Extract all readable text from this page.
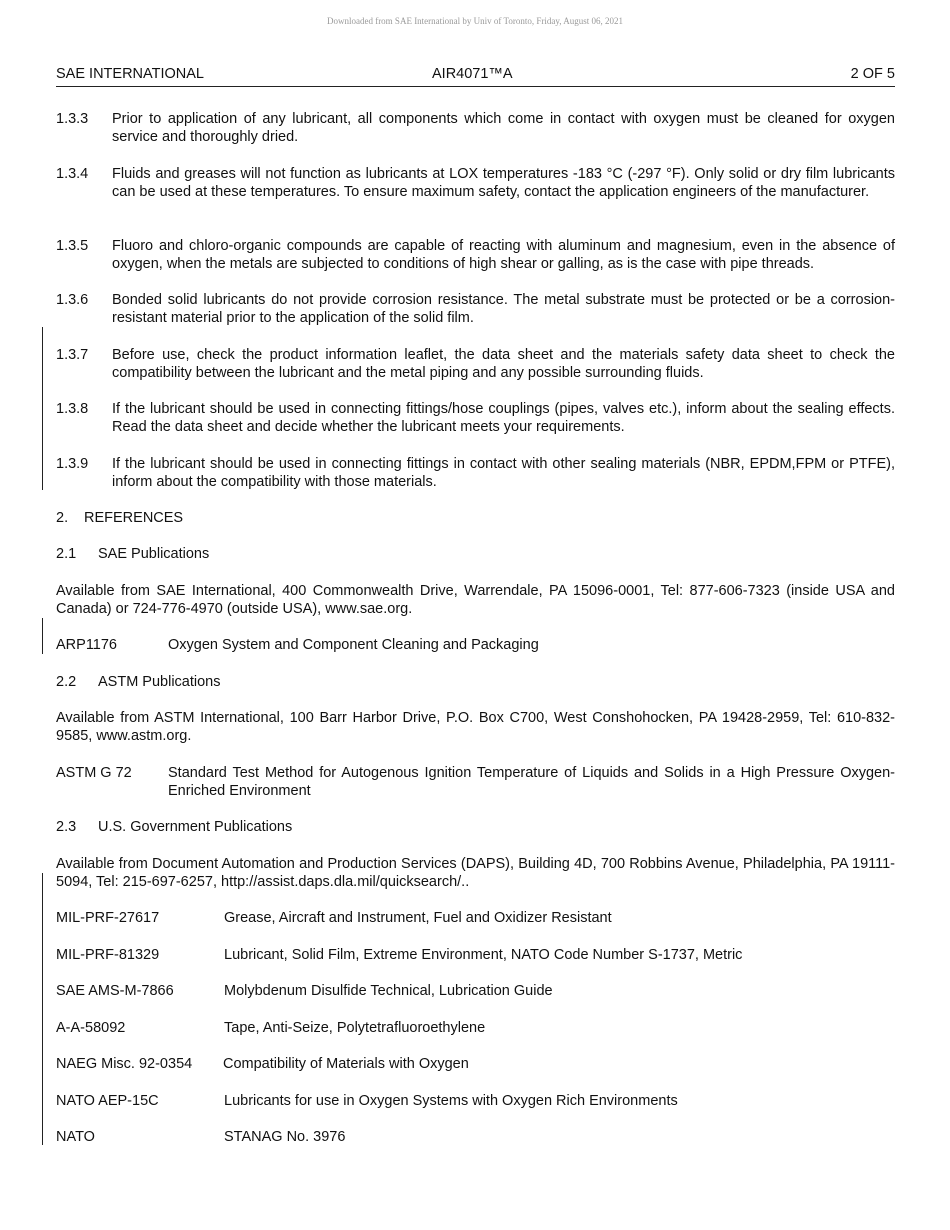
Downloaded from SAE International by Univ of Toronto, Friday, August 06, 2021
SAE INTERNATIONAL	AIR4071™A	2 OF 5
1.3.3 Prior to application of any lubricant, all components which come in contact with oxygen must be cleaned for oxygen service and thoroughly dried.
1.3.4 Fluids and greases will not function as lubricants at LOX temperatures -183 °C (-297 °F). Only solid or dry film lubricants can be used at these temperatures. To ensure maximum safety, contact the application engineers of the manufacturer.
1.3.5 Fluoro and chloro-organic compounds are capable of reacting with aluminum and magnesium, even in the absence of oxygen, when the metals are subjected to conditions of high shear or galling, as is the case with pipe threads.
1.3.6 Bonded solid lubricants do not provide corrosion resistance. The metal substrate must be protected or be a corrosion-resistant material prior to the application of the solid film.
1.3.7 Before use, check the product information leaflet, the data sheet and the materials safety data sheet to check the compatibility between the lubricant and the metal piping and any possible surrounding fluids.
1.3.8 If the lubricant should be used in connecting fittings/hose couplings (pipes, valves etc.), inform about the sealing effects. Read the data sheet and decide whether the lubricant meets your requirements.
1.3.9 If the lubricant should be used in connecting fittings in contact with other sealing materials (NBR, EPDM,FPM or PTFE), inform about the compatibility with those materials.
2. REFERENCES
2.1 SAE Publications
Available from SAE International, 400 Commonwealth Drive, Warrendale, PA 15096-0001, Tel: 877-606-7323 (inside USA and Canada) or 724-776-4970 (outside USA), www.sae.org.
ARP1176	Oxygen System and Component Cleaning and Packaging
2.2 ASTM Publications
Available from ASTM International, 100 Barr Harbor Drive, P.O. Box C700, West Conshohocken, PA 19428-2959, Tel: 610-832-9585, www.astm.org.
ASTM G 72	Standard Test Method for Autogenous Ignition Temperature of Liquids and Solids in a High Pressure Oxygen-Enriched Environment
2.3 U.S. Government Publications
Available from Document Automation and Production Services (DAPS), Building 4D, 700 Robbins Avenue, Philadelphia, PA 19111-5094, Tel: 215-697-6257, http://assist.daps.dla.mil/quicksearch/..
MIL-PRF-27617	Grease, Aircraft and Instrument, Fuel and Oxidizer Resistant
MIL-PRF-81329	Lubricant, Solid Film, Extreme Environment, NATO Code Number S-1737, Metric
SAE AMS-M-7866	Molybdenum Disulfide Technical, Lubrication Guide
A-A-58092	Tape, Anti-Seize, Polytetrafluoroethylene
NAEG Misc. 92-0354 Compatibility of Materials with Oxygen
NATO AEP-15C	Lubricants for use in Oxygen Systems with Oxygen Rich Environments
NATO	STANAG No. 3976
